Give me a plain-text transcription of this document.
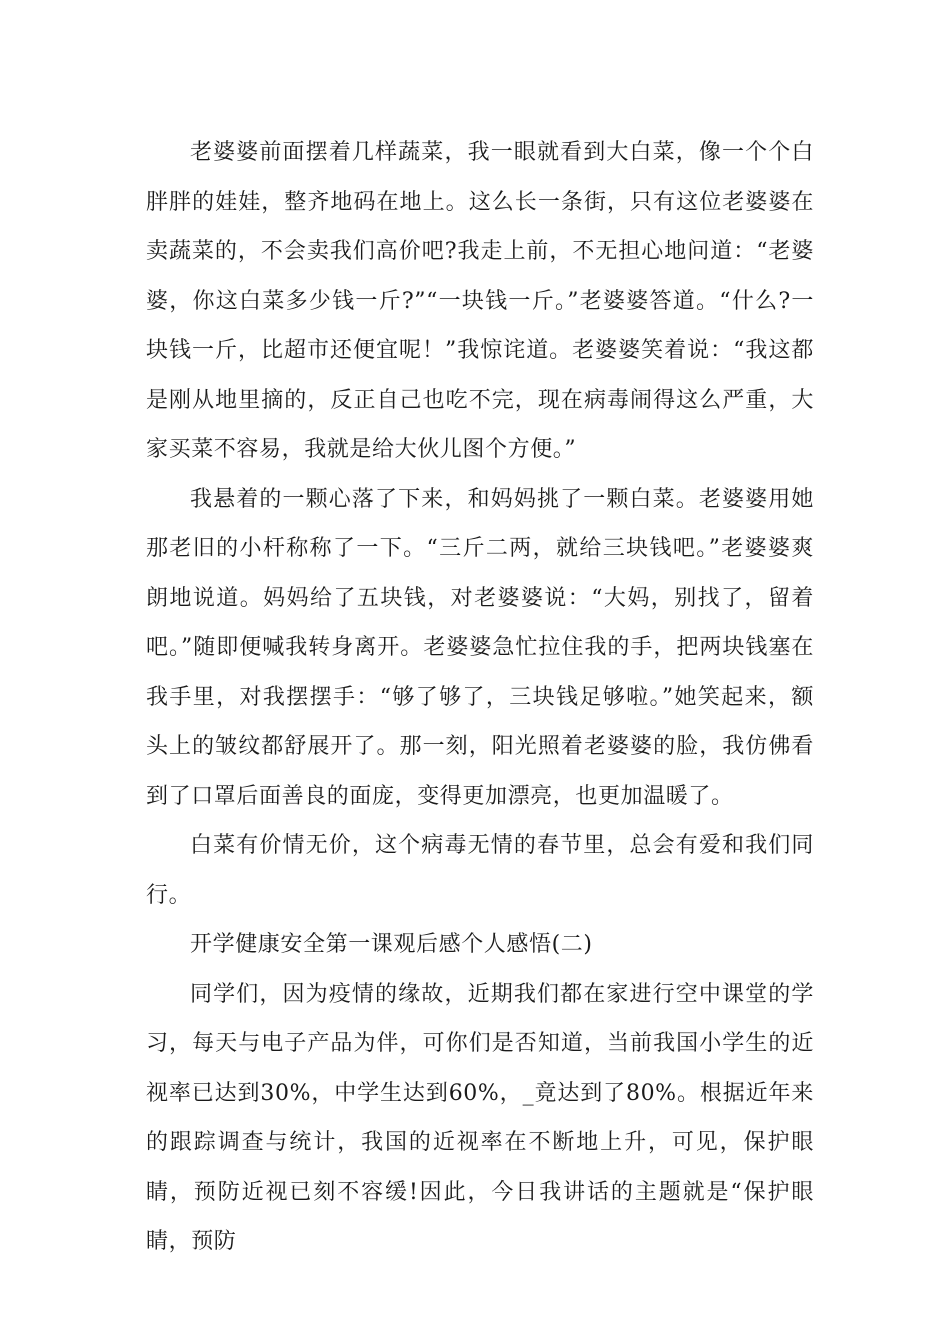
老婆婆前面摆着几样蔬菜，我一眼就看到大白菜，像一个个白胖胖的娃娃，整齐地码在地上。这么长一条街，只有这位老婆婆在卖蔬菜的，不会卖我们高价吧?我走上前，不无担心地问道：“老婆婆，你这白菜多少钱一斤?”“一块钱一斤。”老婆婆答道。“什么?一块钱一斤，比超市还便宜呢！”我惊诧道。老婆婆笑着说：“我这都是刚从地里摘的，反正自己也吃不完，现在病毒闹得这么严重，大家买菜不容易，我就是给大伙儿图个方便。”

我悬着的一颗心落了下来，和妈妈挑了一颗白菜。老婆婆用她那老旧的小杆称称了一下。“三斤二两，就给三块钱吧。”老婆婆爽朗地说道。妈妈给了五块钱，对老婆婆说：“大妈，别找了，留着吧。”随即便喊我转身离开。老婆婆急忙拉住我的手，把两块钱塞在我手里，对我摆摆手：“够了够了，三块钱足够啦。”她笑起来，额头上的皱纹都舒展开了。那一刻，阳光照着老婆婆的脸，我仿佛看到了口罩后面善良的面庞，变得更加漂亮，也更加温暖了。

白菜有价情无价，这个病毒无情的春节里，总会有爱和我们同行。

开学健康安全第一课观后感个人感悟(二)

同学们，因为疫情的缘故，近期我们都在家进行空中课堂的学习，每天与电子产品为伴，可你们是否知道，当前我国小学生的近视率已达到30%，中学生达到60%，_竟达到了80%。根据近年来的跟踪调查与统计，我国的近视率在不断地上升，可见，保护眼睛，预防近视已刻不容缓!因此，今日我讲话的主题就是“保护眼睛，预防
